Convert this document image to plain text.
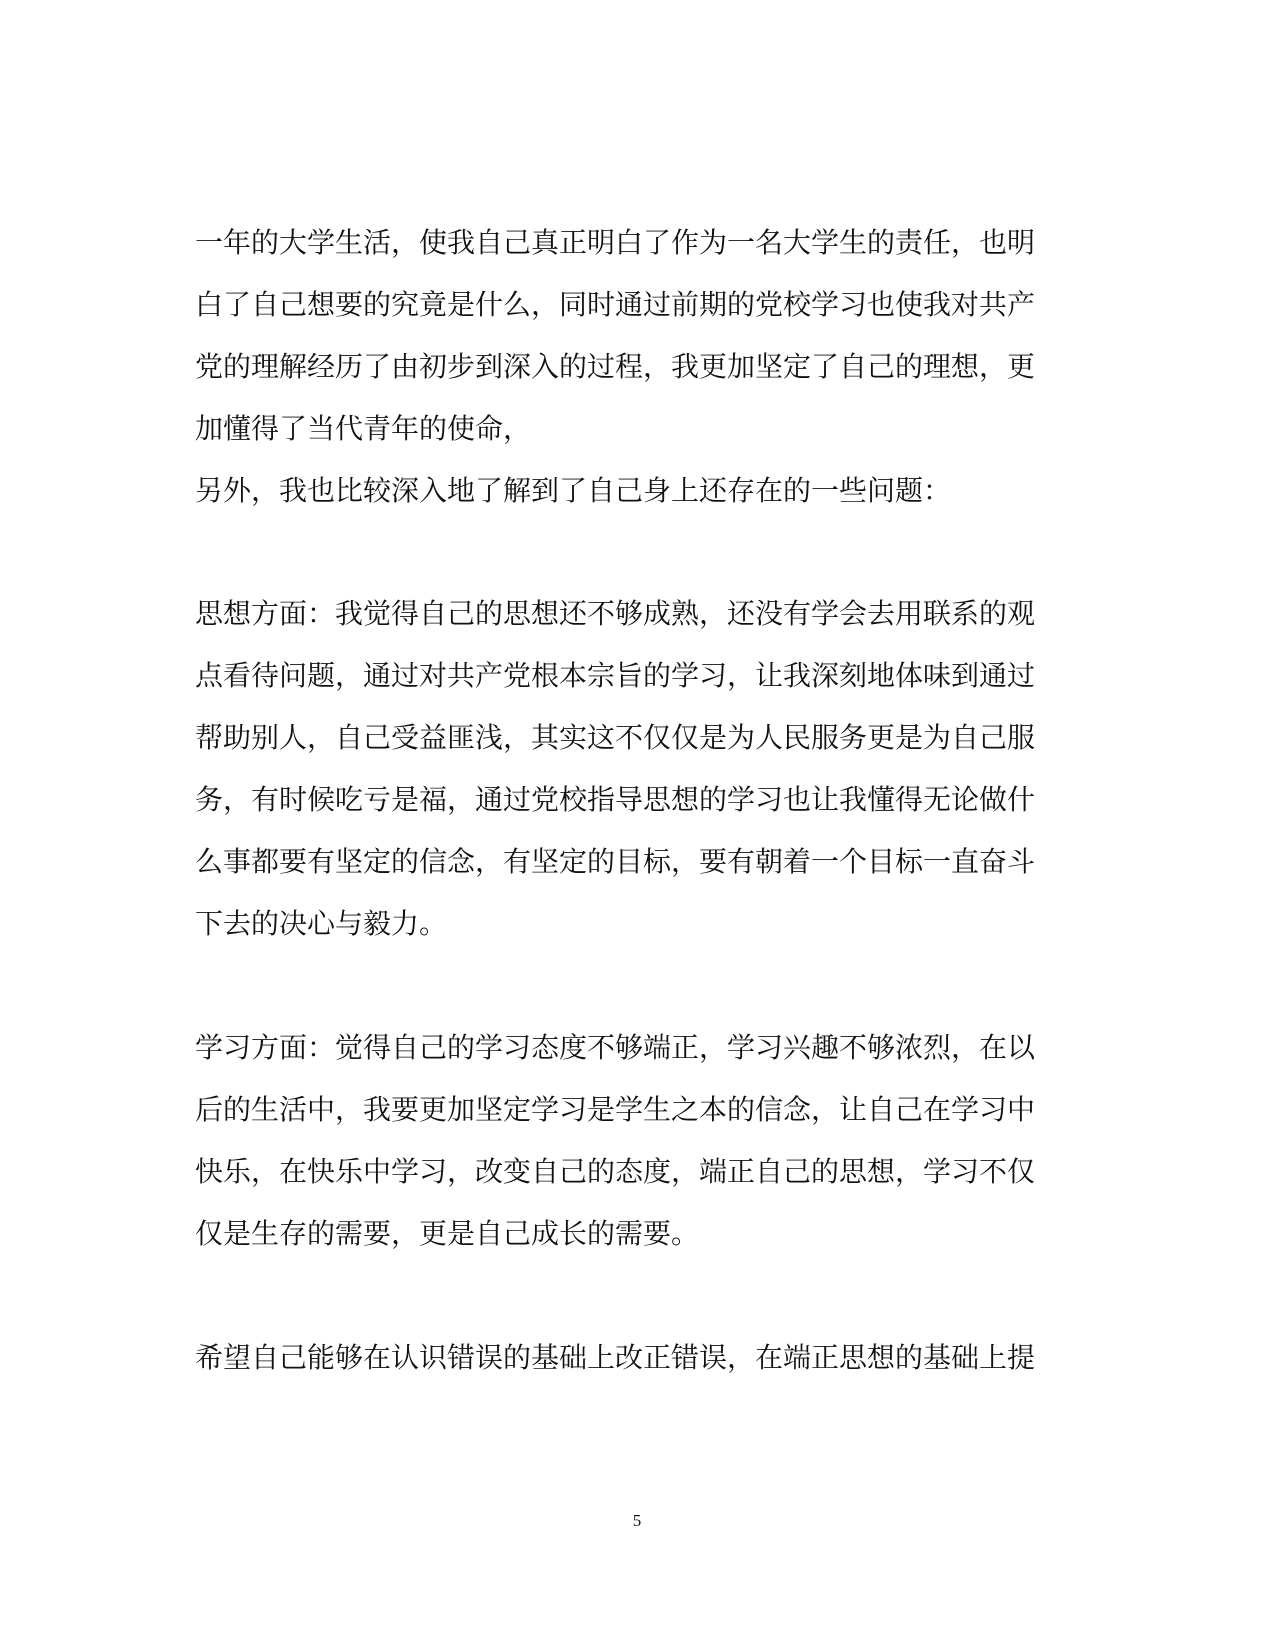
一年的大学生活，使我自己真正明白了作为一名大学生的责任，也明
白了自己想要的究竟是什么，同时通过前期的党校学习也使我对共产
党的理解经历了由初步到深入的过程，我更加坚定了自己的理想，更
加懂得了当代青年的使命，
另外，我也比较深入地了解到了自己身上还存在的一些问题：
思想方面：我觉得自己的思想还不够成熟，还没有学会去用联系的观
点看待问题，通过对共产党根本宗旨的学习，让我深刻地体味到通过
帮助别人，自己受益匪浅，其实这不仅仅是为人民服务更是为自己服
务，有时候吃亏是福，通过党校指导思想的学习也让我懂得无论做什
么事都要有坚定的信念，有坚定的目标，要有朝着一个目标一直奋斗
下去的决心与毅力。
学习方面：觉得自己的学习态度不够端正，学习兴趣不够浓烈，在以
后的生活中，我要更加坚定学习是学生之本的信念，让自己在学习中
快乐，在快乐中学习，改变自己的态度，端正自己的思想，学习不仅
仅是生存的需要，更是自己成长的需要。
希望自己能够在认识错误的基础上改正错误，在端正思想的基础上提
5
